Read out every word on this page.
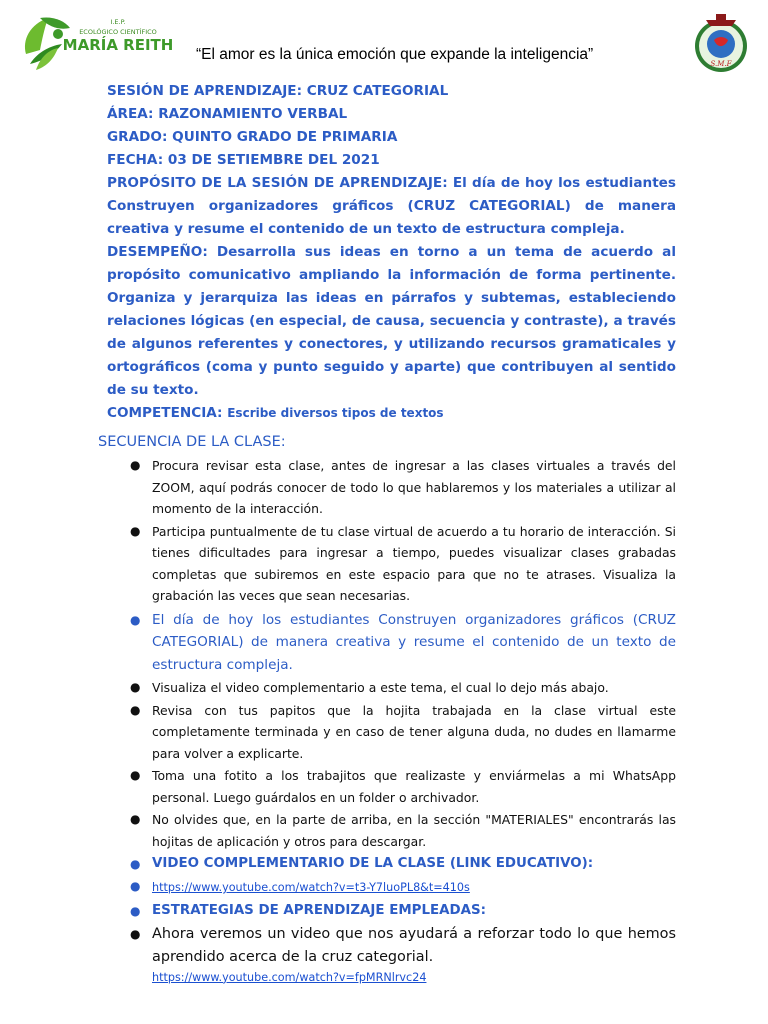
I.E.P.
ECOLÓGICO CIENTÍFICO
MARÍA REITH
“El amor es la única emoción que expande la inteligencia”
S.M.F
SESIÓN DE APRENDIZAJE: CRUZ CATEGORIAL
ÁREA: RAZONAMIENTO VERBAL
GRADO: QUINTO GRADO DE PRIMARIA
FECHA: 03 DE SETIEMBRE DEL 2021
PROPÓSITO DE LA SESIÓN DE APRENDIZAJE: El día de hoy los estudiantes Construyen organizadores gráficos (CRUZ CATEGORIAL) de manera creativa y resume el contenido de un texto de estructura compleja.
DESEMPEÑO: Desarrolla sus ideas en torno a un tema de acuerdo al propósito comunicativo ampliando la información de forma pertinente. Organiza y jerarquiza las ideas en párrafos y subtemas, estableciendo relaciones lógicas (en especial, de causa, secuencia y contraste), a través de algunos referentes y conectores, y utilizando recursos gramaticales y ortográficos (coma y punto seguido y aparte) que contribuyen al sentido de su texto.
COMPETENCIA: Escribe diversos tipos de textos
SECUENCIA DE LA CLASE:
● Procura revisar esta clase, antes de ingresar a las clases virtuales a través del ZOOM, aquí podrás conocer de todo lo que hablaremos y los materiales a utilizar al momento de la interacción.
● Participa puntualmente de tu clase virtual de acuerdo a tu horario de interacción. Si tienes dificultades para ingresar a tiempo, puedes visualizar clases grabadas completas que subiremos en este espacio para que no te atrases. Visualiza la grabación las veces que sean necesarias.
● El día de hoy los estudiantes Construyen organizadores gráficos (CRUZ CATEGORIAL) de manera creativa y resume el contenido de un texto de estructura compleja.
● Visualiza el video complementario a este tema, el cual lo dejo más abajo.
● Revisa con tus papitos que la hojita trabajada en la clase virtual este completamente terminada y en caso de tener alguna duda, no dudes en llamarme para volver a explicarte.
● Toma una fotito a los trabajitos que realizaste y enviármelas a mi WhatsApp personal. Luego guárdalos en un folder o archivador.
● No olvides que, en la parte de arriba, en la sección "MATERIALES" encontrarás las hojitas de aplicación y otros para descargar.
● VIDEO COMPLEMENTARIO DE LA CLASE (LINK EDUCATIVO):
● https://www.youtube.com/watch?v=t3-Y7luoPL8&t=410s
● ESTRATEGIAS DE APRENDIZAJE EMPLEADAS:
● Ahora veremos un video que nos ayudará a reforzar todo lo que hemos aprendido acerca de la cruz categorial.
https://www.youtube.com/watch?v=fpMRNlrvc24
